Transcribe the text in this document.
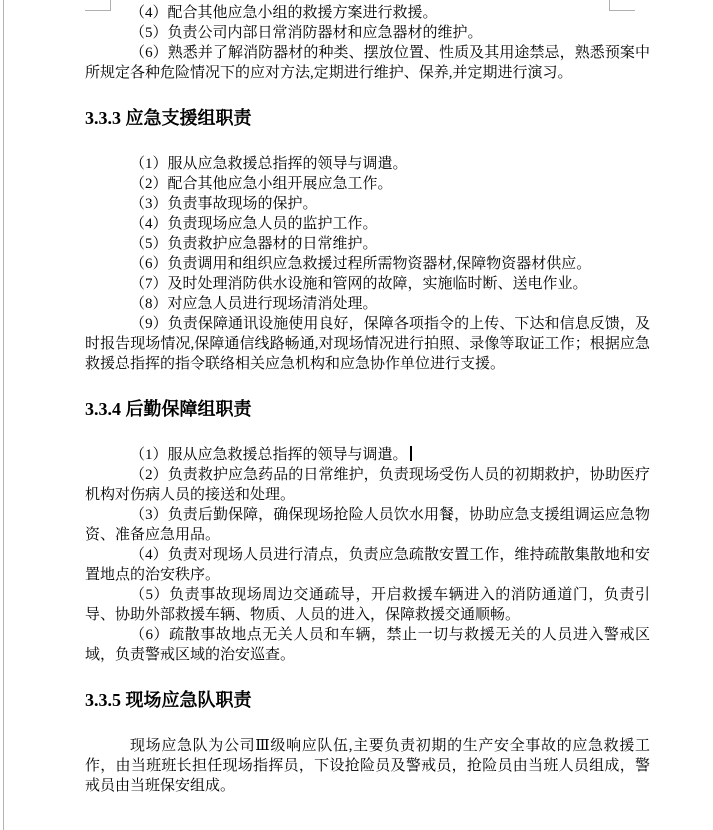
（4）配合其他应急小组的救援方案进行救援。

（5）负责公司内部日常消防器材和应急器材的维护。

（6）熟悉并了解消防器材的种类、摆放位置、性质及其用途禁忌，熟悉预案中所规定各种危险情况下的应对方法,定期进行维护、保养,并定期进行演习。

3.3.3 应急支援组职责

（1）服从应急救援总指挥的领导与调遣。

（2）配合其他应急小组开展应急工作。

（3）负责事故现场的保护。

（4）负责现场应急人员的监护工作。

（5）负责救护应急器材的日常维护。

（6）负责调用和组织应急救援过程所需物资器材,保障物资器材供应。

（7）及时处理消防供水设施和管网的故障，实施临时断、送电作业。

（8）对应急人员进行现场清消处理。

（9）负责保障通讯设施使用良好，保障各项指令的上传、下达和信息反馈，及时报告现场情况,保障通信线路畅通,对现场情况进行拍照、录像等取证工作；根据应急救援总指挥的指令联络相关应急机构和应急协作单位进行支援。

3.3.4 后勤保障组职责

（1）服从应急救援总指挥的领导与调遣。

（2）负责救护应急药品的日常维护，负责现场受伤人员的初期救护，协助医疗机构对伤病人员的接送和处理。

（3）负责后勤保障，确保现场抢险人员饮水用餐，协助应急支援组调运应急物资、准备应急用品。

（4）负责对现场人员进行清点，负责应急疏散安置工作，维持疏散集散地和安置地点的治安秩序。

（5）负责事故现场周边交通疏导，开启救援车辆进入的消防通道门，负责引导、协助外部救援车辆、物质、人员的进入，保障救援交通顺畅。

（6）疏散事故地点无关人员和车辆，禁止一切与救援无关的人员进入警戒区域，负责警戒区域的治安巡查。

3.3.5 现场应急队职责

现场应急队为公司Ⅲ级响应队伍,主要负责初期的生产安全事故的应急救援工作，由当班班长担任现场指挥员，下设抢险员及警戒员，抢险员由当班人员组成，警戒员由当班保安组成。
